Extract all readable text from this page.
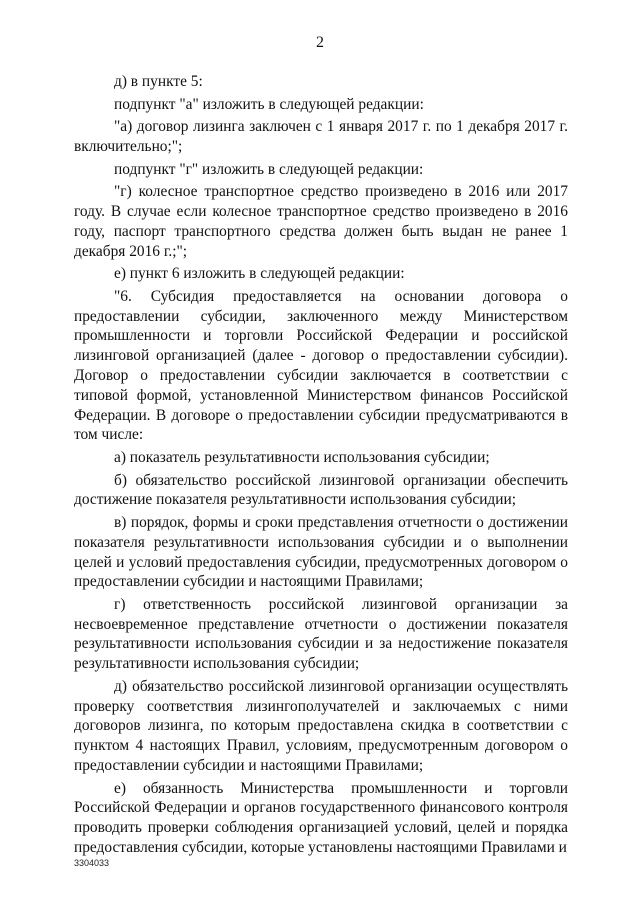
2

д) в пункте 5:

подпункт "а" изложить в следующей редакции:

"а) договор лизинга заключен с 1 января 2017 г. по 1 декабря 2017 г. включительно;";

подпункт "г" изложить в следующей редакции:

"г) колесное транспортное средство произведено в 2016 или 2017 году. В случае если колесное транспортное средство произведено в 2016 году, паспорт транспортного средства должен быть выдан не ранее 1 декабря 2016 г.;";

е) пункт 6 изложить в следующей редакции:

"6. Субсидия предоставляется на основании договора о предоставлении субсидии, заключенного между Министерством промышленности и торговли Российской Федерации и российской лизинговой организацией (далее - договор о предоставлении субсидии). Договор о предоставлении субсидии заключается в соответствии с типовой формой, установленной Министерством финансов Российской Федерации. В договоре о предоставлении субсидии предусматриваются в том числе:

а) показатель результативности использования субсидии;

б) обязательство российской лизинговой организации обеспечить достижение показателя результативности использования субсидии;

в) порядок, формы и сроки представления отчетности о достижении показателя результативности использования субсидии и о выполнении целей и условий предоставления субсидии, предусмотренных договором о предоставлении субсидии и настоящими Правилами;

г) ответственность российской лизинговой организации за несвоевременное представление отчетности о достижении показателя результативности использования субсидии и за недостижение показателя результативности использования субсидии;

д) обязательство российской лизинговой организации осуществлять проверку соответствия лизингополучателей и заключаемых с ними договоров лизинга, по которым предоставлена скидка в соответствии с пунктом 4 настоящих Правил, условиям, предусмотренным договором о предоставлении субсидии и настоящими Правилами;

е) обязанность Министерства промышленности и торговли Российской Федерации и органов государственного финансового контроля проводить проверки соблюдения организацией условий, целей и порядка предоставления субсидии, которые установлены настоящими Правилами и

3304033
